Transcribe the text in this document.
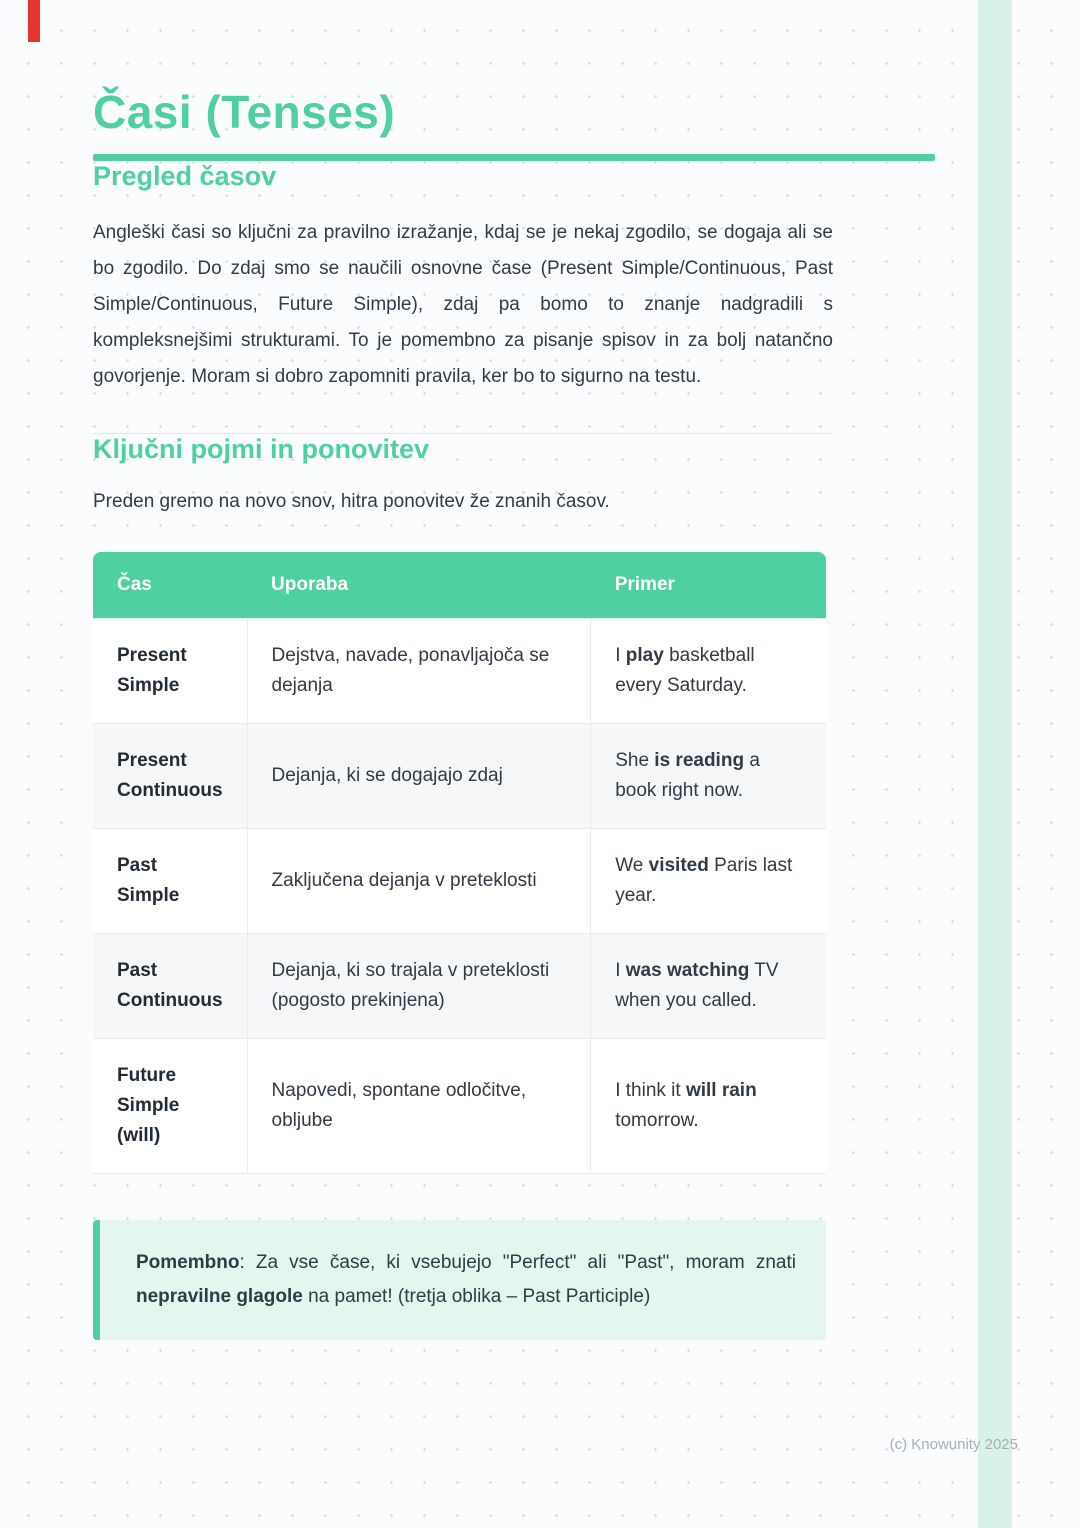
Časi (Tenses)
Pregled časov

Angleški časi so ključni za pravilno izražanje, kdaj se je nekaj zgodilo, se dogaja ali se bo zgodilo. Do zdaj smo se naučili osnovne čase (Present Simple/Continuous, Past Simple/Continuous, Future Simple), zdaj pa bomo to znanje nadgradili s kompleksnejšimi strukturami. To je pomembno za pisanje spisov in za bolj natančno govorjenje. Moram si dobro zapomniti pravila, ker bo to sigurno na testu.

Ključni pojmi in ponovitev

Preden gremo na novo snov, hitra ponovitev že znanih časov.

Čas	Uporaba	Primer
Present Simple	Dejstva, navade, ponavljajoča se dejanja	I play basketball every Saturday.
Present Continuous	Dejanja, ki se dogajajo zdaj	She is reading a book right now.
Past Simple	Zaključena dejanja v preteklosti	We visited Paris last year.
Past Continuous	Dejanja, ki so trajala v preteklosti (pogosto prekinjena)	I was watching TV when you called.
Future Simple (will)	Napovedi, spontane odločitve, obljube	I think it will rain tomorrow.
Pomembno: Za vse čase, ki vsebujejo "Perfect" ali "Past", moram znati nepravilne glagole na pamet! (tretja oblika – Past Participle)
(c) Knowunity 2025
